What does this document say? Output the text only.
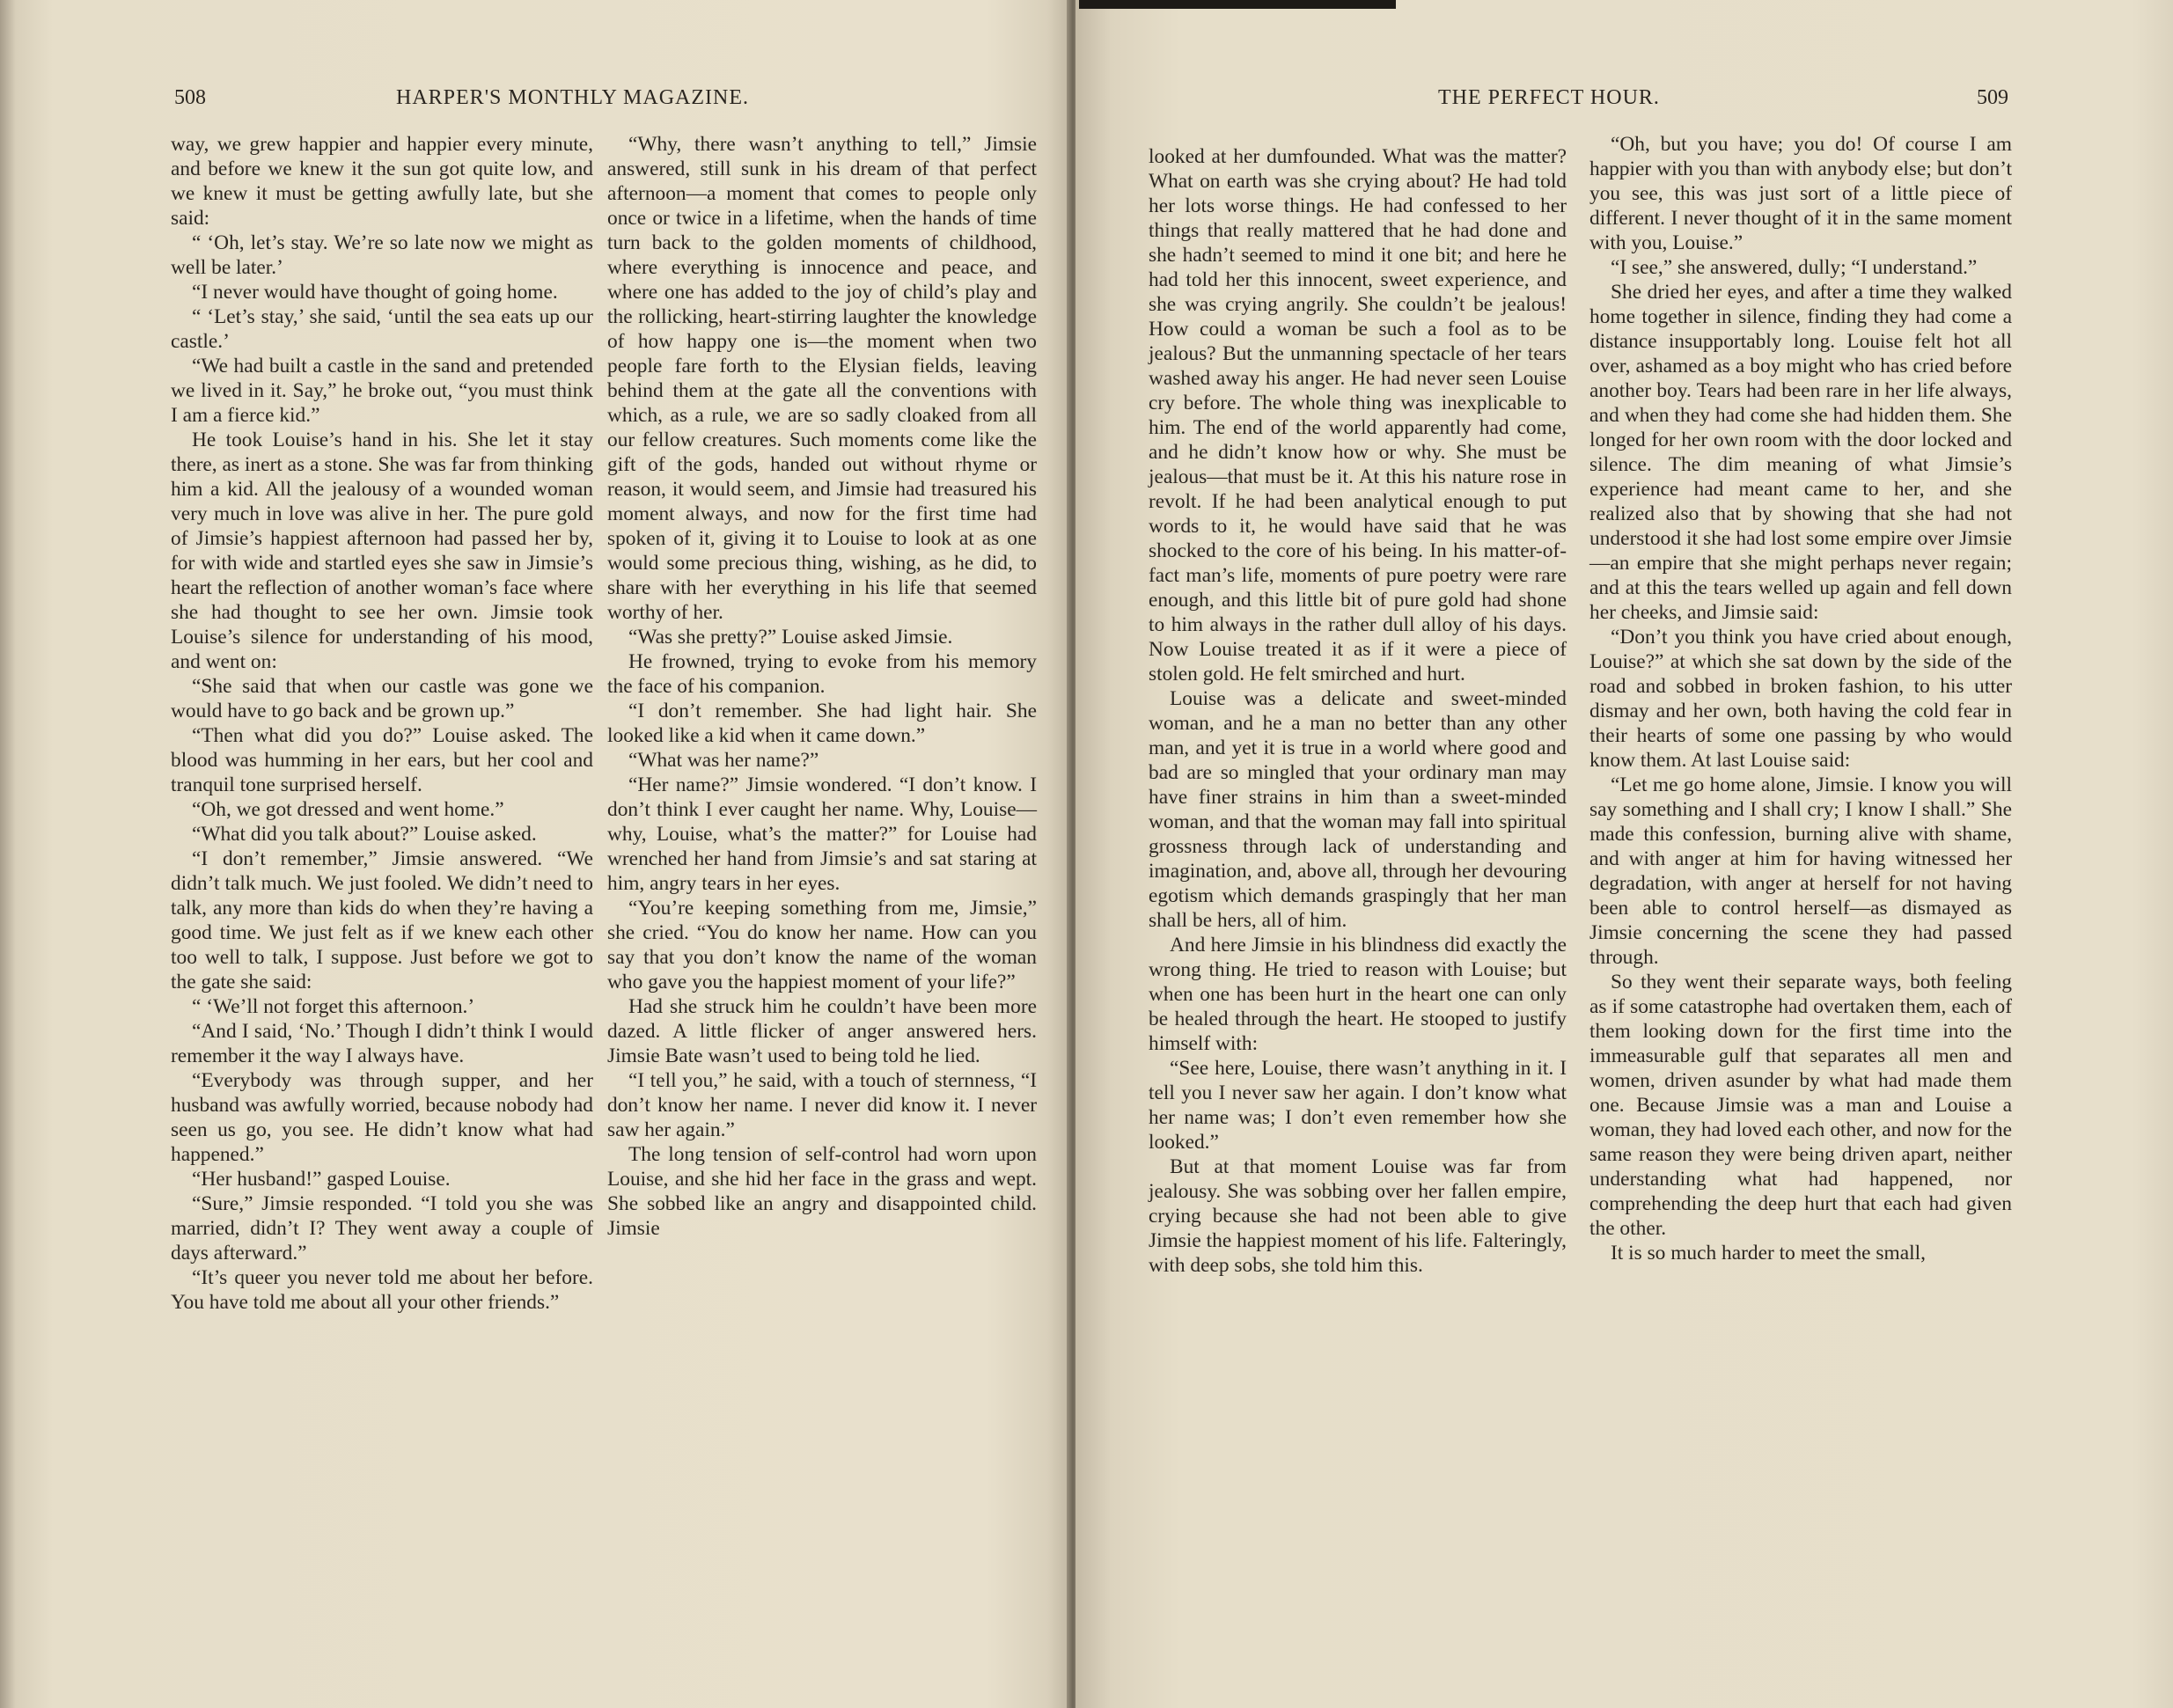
508	HARPER'S MONTHLY MAGAZINE.

way, we grew happier and happier every minute, and before we knew it the sun got quite low, and we knew it must be getting awfully late, but she said:

“ ‘Oh, let’s stay. We’re so late now we might as well be later.’

“I never would have thought of going home.

“ ‘Let’s stay,’ she said, ‘until the sea eats up our castle.’

“We had built a castle in the sand and pretended we lived in it. Say,” he broke out, “you must think I am a fierce kid.”

He took Louise’s hand in his. She let it stay there, as inert as a stone. She was far from thinking him a kid. All the jealousy of a wounded woman very much in love was alive in her. The pure gold of Jimsie’s happiest afternoon had passed her by, for with wide and startled eyes she saw in Jimsie’s heart the reflection of another woman’s face where she had thought to see her own. Jimsie took Louise’s silence for understanding of his mood, and went on:

“She said that when our castle was gone we would have to go back and be grown up.”

“Then what did you do?” Louise asked. The blood was humming in her ears, but her cool and tranquil tone surprised herself.

“Oh, we got dressed and went home.”

“What did you talk about?” Louise asked.

“I don’t remember,” Jimsie answered. “We didn’t talk much. We just fooled. We didn’t need to talk, any more than kids do when they’re having a good time. We just felt as if we knew each other too well to talk, I suppose. Just before we got to the gate she said:

“ ‘We’ll not forget this afternoon.’

“And I said, ‘No.’ Though I didn’t think I would remember it the way I always have.

“Everybody was through supper, and her husband was awfully worried, because nobody had seen us go, you see. He didn’t know what had happened.”

“Her husband!” gasped Louise.

“Sure,” Jimsie responded. “I told you she was married, didn’t I? They went away a couple of days afterward.”

“It’s queer you never told me about her before. You have told me about all your other friends.”

“Why, there wasn’t anything to tell,” Jimsie answered, still sunk in his dream of that perfect afternoon—a moment that comes to people only once or twice in a lifetime, when the hands of time turn back to the golden moments of childhood, where everything is innocence and peace, and where one has added to the joy of child’s play and the rollicking, heart-stirring laughter the knowledge of how happy one is—the moment when two people fare forth to the Elysian fields, leaving behind them at the gate all the conventions with which, as a rule, we are so sadly cloaked from all our fellow creatures. Such moments come like the gift of the gods, handed out without rhyme or reason, it would seem, and Jimsie had treasured his moment always, and now for the first time had spoken of it, giving it to Louise to look at as one would some precious thing, wishing, as he did, to share with her everything in his life that seemed worthy of her.

“Was she pretty?” Louise asked Jimsie.

He frowned, trying to evoke from his memory the face of his companion.

“I don’t remember. She had light hair. She looked like a kid when it came down.”

“What was her name?”

“Her name?” Jimsie wondered. “I don’t know. I don’t think I ever caught her name. Why, Louise—why, Louise, what’s the matter?” for Louise had wrenched her hand from Jimsie’s and sat staring at him, angry tears in her eyes.

“You’re keeping something from me, Jimsie,” she cried. “You do know her name. How can you say that you don’t know the name of the woman who gave you the happiest moment of your life?”

Had she struck him he couldn’t have been more dazed. A little flicker of anger answered hers. Jimsie Bate wasn’t used to being told he lied.

“I tell you,” he said, with a touch of sternness, “I don’t know her name. I never did know it. I never saw her again.”

The long tension of self-control had worn upon Louise, and she hid her face in the grass and wept. She sobbed like an angry and disappointed child. Jimsie

THE PERFECT HOUR.	509

looked at her dumfounded. What was the matter? What on earth was she crying about? He had told her lots worse things. He had confessed to her things that really mattered that he had done and she hadn’t seemed to mind it one bit; and here he had told her this innocent, sweet experience, and she was crying angrily. She couldn’t be jealous! How could a woman be such a fool as to be jealous? But the unmanning spectacle of her tears washed away his anger. He had never seen Louise cry before. The whole thing was inexplicable to him. The end of the world apparently had come, and he didn’t know how or why. She must be jealous—that must be it. At this his nature rose in revolt. If he had been analytical enough to put words to it, he would have said that he was shocked to the core of his being. In his matter-of-fact man’s life, moments of pure poetry were rare enough, and this little bit of pure gold had shone to him always in the rather dull alloy of his days. Now Louise treated it as if it were a piece of stolen gold. He felt smirched and hurt.

Louise was a delicate and sweet-minded woman, and he a man no better than any other man, and yet it is true in a world where good and bad are so mingled that your ordinary man may have finer strains in him than a sweet-minded woman, and that the woman may fall into spiritual grossness through lack of understanding and imagination, and, above all, through her devouring egotism which demands graspingly that her man shall be hers, all of him.

And here Jimsie in his blindness did exactly the wrong thing. He tried to reason with Louise; but when one has been hurt in the heart one can only be healed through the heart. He stooped to justify himself with:

“See here, Louise, there wasn’t anything in it. I tell you I never saw her again. I don’t know what her name was; I don’t even remember how she looked.”

But at that moment Louise was far from jealousy. She was sobbing over her fallen empire, crying because she had not been able to give Jimsie the happiest moment of his life. Falteringly, with deep sobs, she told him this.

“Oh, but you have; you do! Of course I am happier with you than with anybody else; but don’t you see, this was just sort of a little piece of different. I never thought of it in the same moment with you, Louise.”

“I see,” she answered, dully; “I understand.”

She dried her eyes, and after a time they walked home together in silence, finding they had come a distance insupportably long. Louise felt hot all over, ashamed as a boy might who has cried before another boy. Tears had been rare in her life always, and when they had come she had hidden them. She longed for her own room with the door locked and silence. The dim meaning of what Jimsie’s experience had meant came to her, and she realized also that by showing that she had not understood it she had lost some empire over Jimsie—an empire that she might perhaps never regain; and at this the tears welled up again and fell down her cheeks, and Jimsie said:

“Don’t you think you have cried about enough, Louise?” at which she sat down by the side of the road and sobbed in broken fashion, to his utter dismay and her own, both having the cold fear in their hearts of some one passing by who would know them. At last Louise said:

“Let me go home alone, Jimsie. I know you will say something and I shall cry; I know I shall.” She made this confession, burning alive with shame, and with anger at him for having witnessed her degradation, with anger at herself for not having been able to control herself—as dismayed as Jimsie concerning the scene they had passed through.

So they went their separate ways, both feeling as if some catastrophe had overtaken them, each of them looking down for the first time into the immeasurable gulf that separates all men and women, driven asunder by what had made them one. Because Jimsie was a man and Louise a woman, they had loved each other, and now for the same reason they were being driven apart, neither understanding what had happened, nor comprehending the deep hurt that each had given the other.

It is so much harder to meet the small,
